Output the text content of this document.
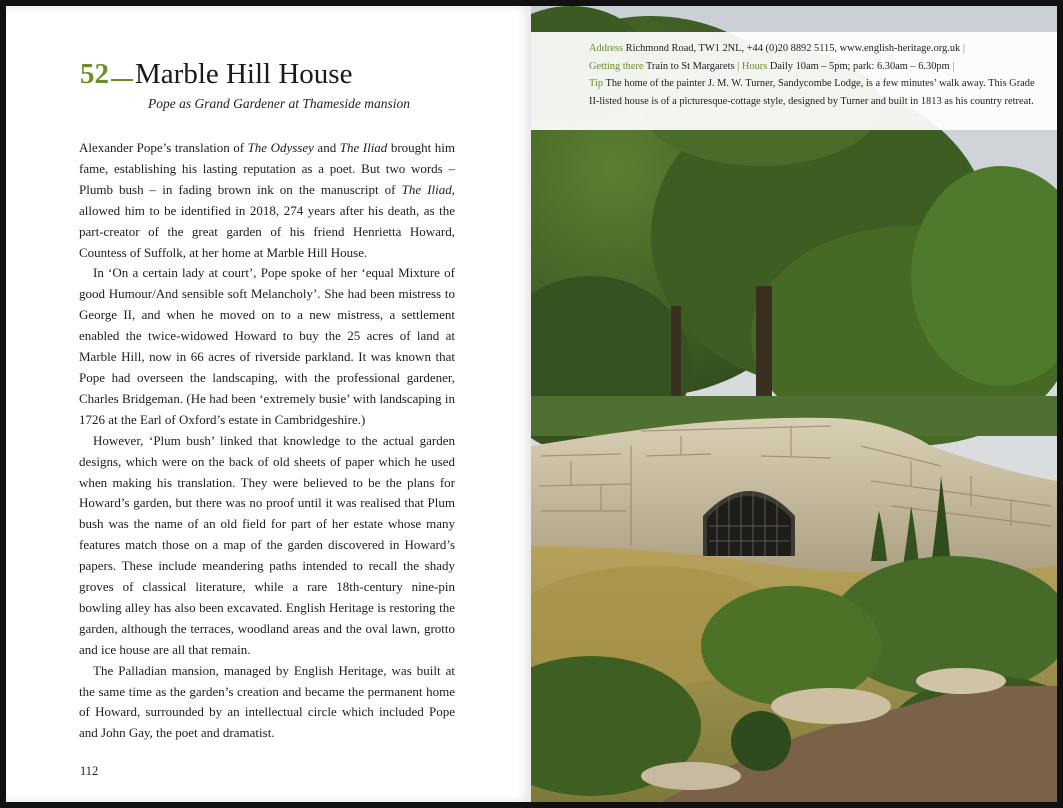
52 Marble Hill House
Pope as Grand Gardener at Thameside mansion

Alexander Pope’s translation of The Odyssey and The Iliad brought him fame, establishing his lasting reputation as a poet. But two words – Plumb bush – in fading brown ink on the manuscript of The Iliad, allowed him to be identified in 2018, 274 years after his death, as the part-creator of the great garden of his friend Henrietta Howard, Countess of Suffolk, at her home at Marble Hill House.

In ‘On a certain lady at court’, Pope spoke of her ‘equal Mixture of good Humour/And sensible soft Melancholy’. She had been mistress to George II, and when he moved on to a new mistress, a settlement enabled the twice-widowed Howard to buy the 25 acres of land at Marble Hill, now in 66 acres of riverside parkland. It was known that Pope had overseen the landscaping, with the professional gardener, Charles Bridgeman. (He had been ‘extremely busie’ with landscaping in 1726 at the Earl of Oxford’s estate in Cambridgeshire.)

However, ‘Plum bush’ linked that knowledge to the actual garden designs, which were on the back of old sheets of paper which he used when making his translation. They were believed to be the plans for Howard’s garden, but there was no proof until it was realised that Plum bush was the name of an old field for part of her estate whose many features match those on a map of the garden discovered in Howard’s papers. These include meandering paths intended to recall the shady groves of classical literature, while a rare 18th-century nine-pin bowling alley has also been excavated. English Heritage is restoring the garden, although the terraces, woodland areas and the oval lawn, grotto and ice house are all that remain.

The Palladian mansion, managed by English Heritage, was built at the same time as the garden’s creation and became the permanent home of Howard, surrounded by an intellectual circle which included Pope and John Gay, the poet and dramatist.

112
Address Richmond Road, TW1 2NL, +44 (0)20 8892 5115, www.english-heritage.org.uk |
Getting there Train to St Margarets | Hours Daily 10am – 5pm; park: 6.30am – 6.30pm |
Tip The home of the painter J. M. W. Turner, Sandycombe Lodge, is a few minutes’ walk away. This Grade II-listed house is of a picturesque-cottage style, designed by Turner and built in 1813 as his country retreat.
